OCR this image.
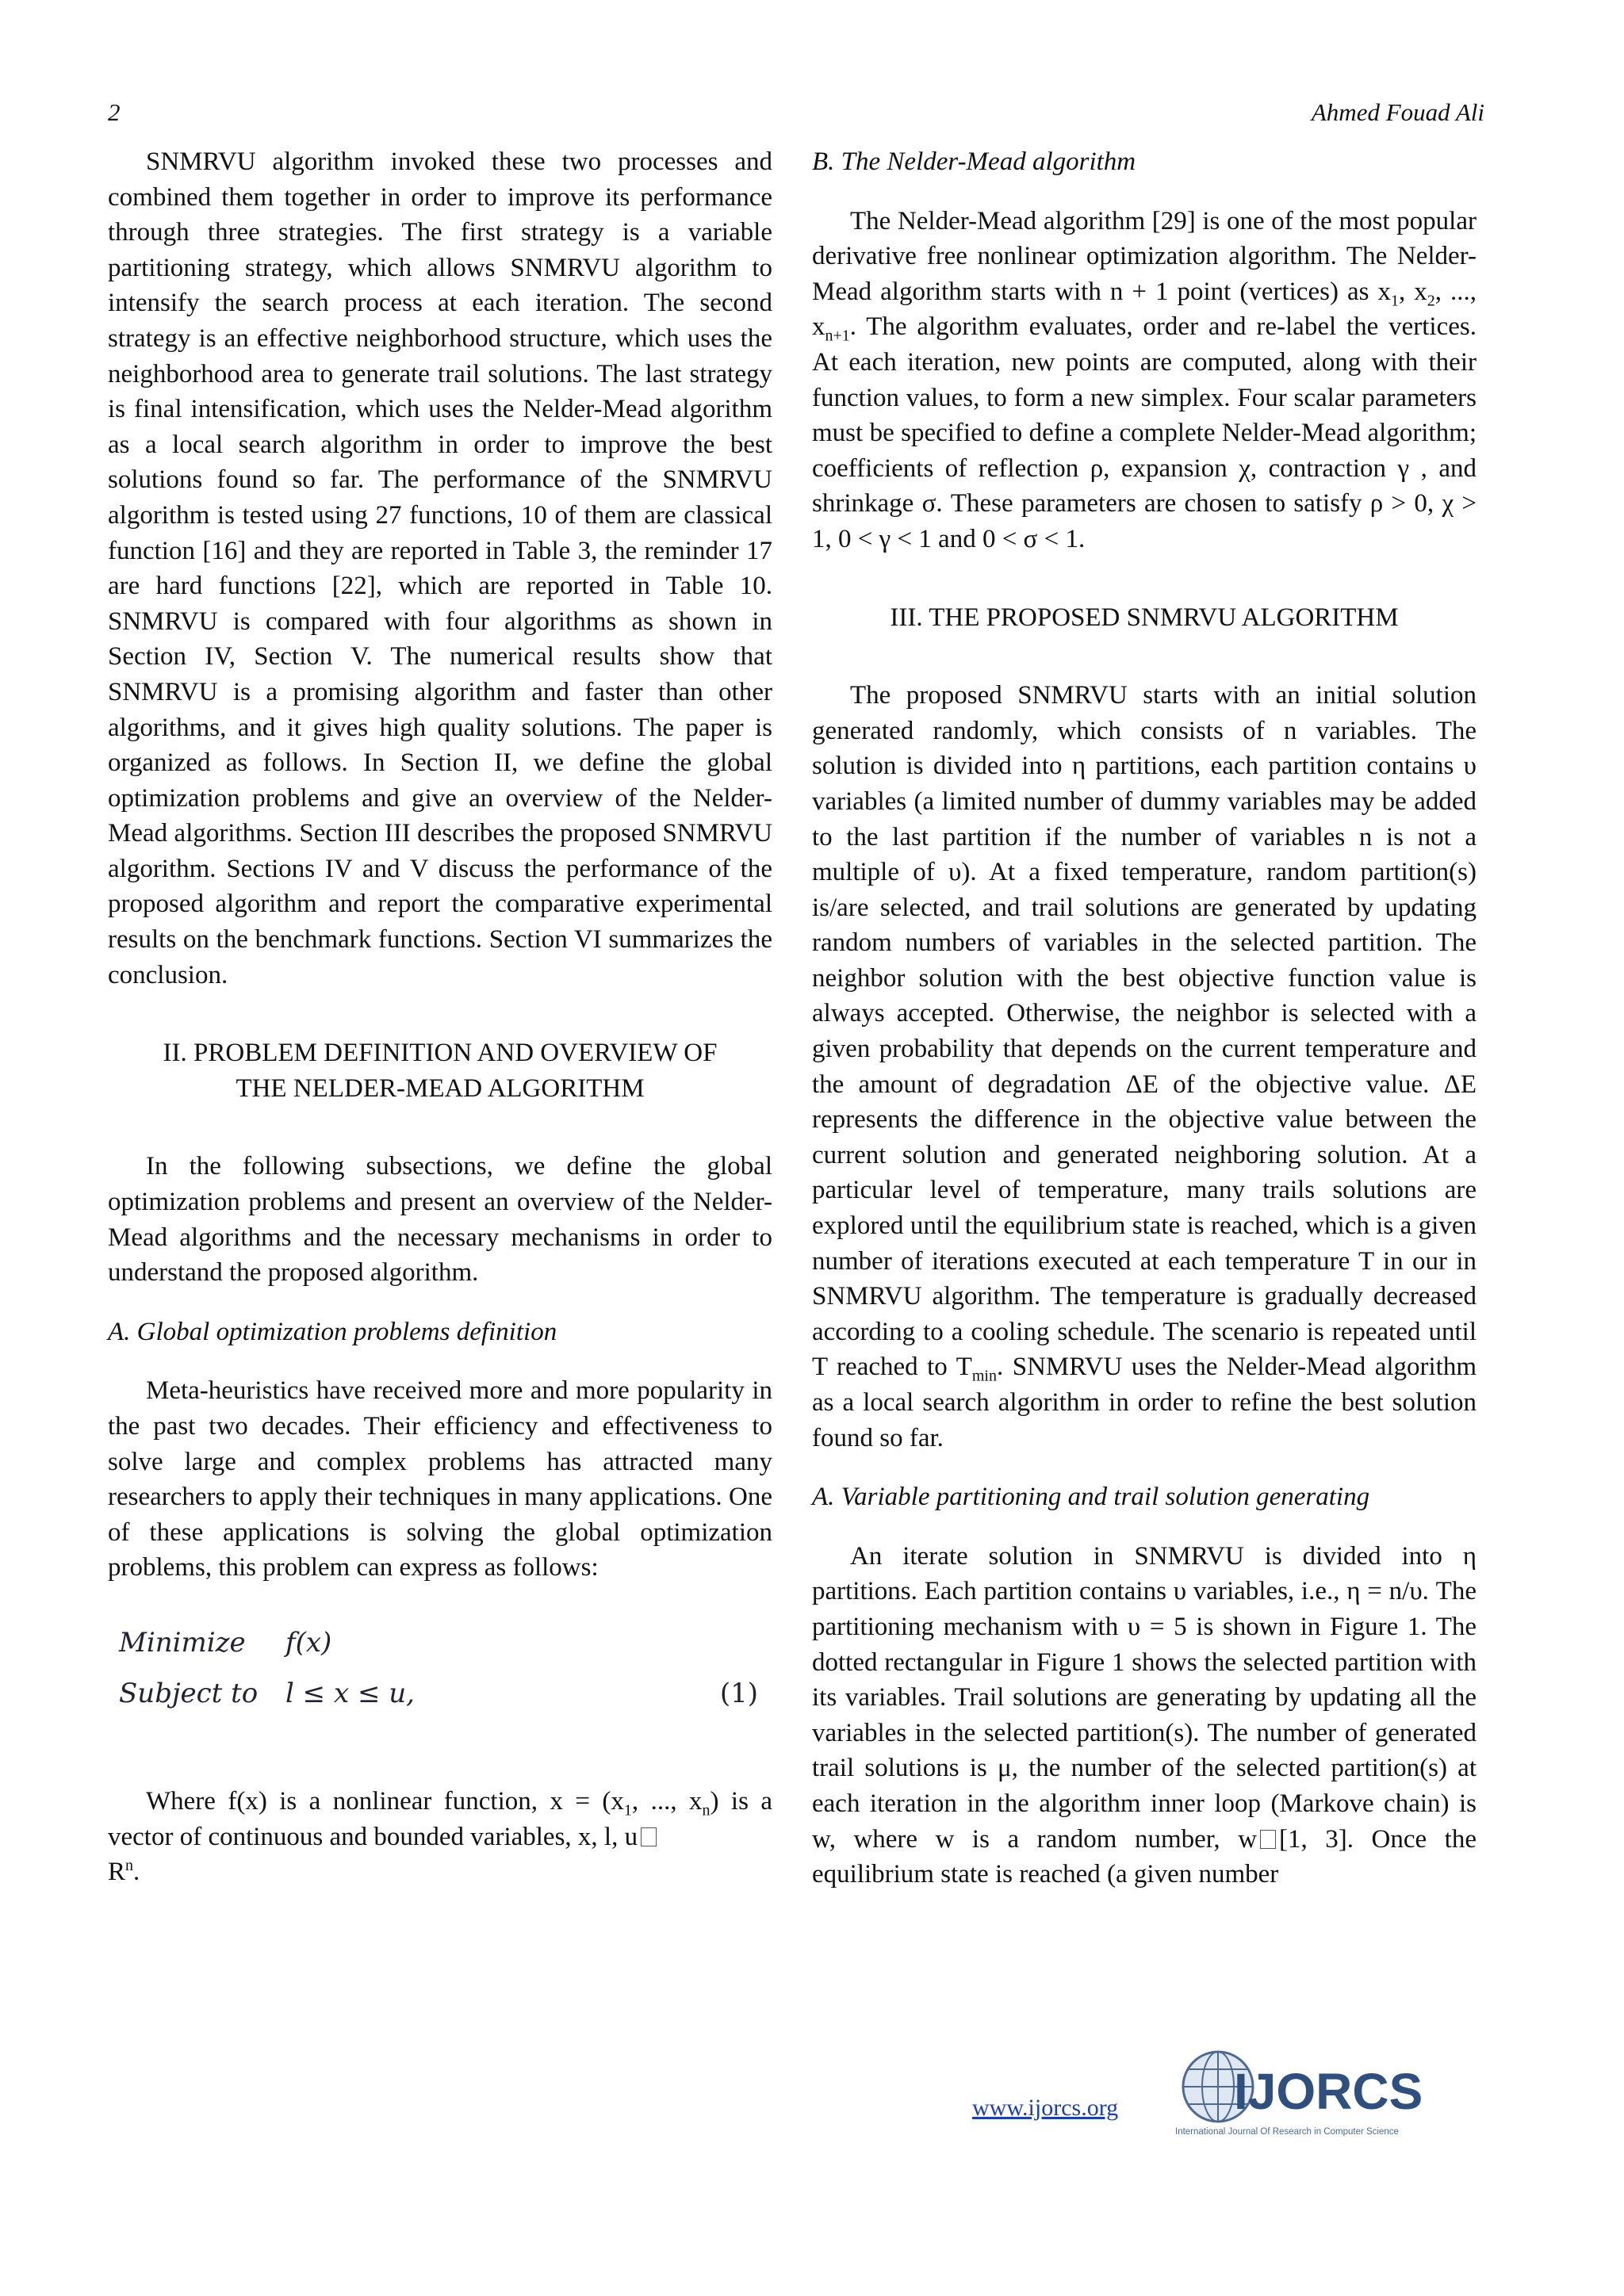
2	Ahmed Fouad Ali

SNMRVU algorithm invoked these two processes and combined them together in order to improve its performance through three strategies. The first strategy is a variable partitioning strategy, which allows SNMRVU algorithm to intensify the search process at each iteration. The second strategy is an effective neighborhood structure, which uses the neighborhood area to generate trail solutions. The last strategy is final intensification, which uses the Nelder-Mead algorithm as a local search algorithm in order to improve the best solutions found so far. The performance of the SNMRVU algorithm is tested using 27 functions, 10 of them are classical function [16] and they are reported in Table 3, the reminder 17 are hard functions [22], which are reported in Table 10. SNMRVU is compared with four algorithms as shown in Section IV, Section V. The numerical results show that SNMRVU is a promising algorithm and faster than other algorithms, and it gives high quality solutions. The paper is organized as follows. In Section II, we define the global optimization problems and give an overview of the Nelder-Mead algorithms. Section III describes the proposed SNMRVU algorithm. Sections IV and V discuss the performance of the proposed algorithm and report the comparative experimental results on the benchmark functions. Section VI summarizes the conclusion.

II. PROBLEM DEFINITION AND OVERVIEW OF
THE NELDER-MEAD ALGORITHM

In the following subsections, we define the global optimization problems and present an overview of the Nelder-Mead algorithms and the necessary mechanisms in order to understand the proposed algorithm.

A. Global optimization problems definition

Meta-heuristics have received more and more popularity in the past two decades. Their efficiency and effectiveness to solve large and complex problems has attracted many researchers to apply their techniques in many applications. One of these applications is solving the global optimization problems, this problem can express as follows:

Minimize f(x)
Subject to l ≤ x ≤ u,	(1)

Where f(x) is a nonlinear function, $x = (x_1$, ..., $x_n$) is a vector of continuous and bounded variables, x, l, u
$R^n$.

B. The Nelder-Mead algorithm

The Nelder-Mead algorithm [29] is one of the most popular derivative free nonlinear optimization algorithm. The Nelder-Mead algorithm starts with n + 1 point (vertices) as $x_1$, $x_2$, ..., $x_{n+1}$. The algorithm evaluates, order and re-label the vertices. At each iteration, new points are computed, along with their function values, to form a new simplex. Four scalar parameters must be specified to define a complete Nelder-Mead algorithm; coefficients of reflection ρ, expansion χ, contraction γ , and shrinkage σ. These parameters are chosen to satisfy ρ > 0, χ > 1, 0 < γ < 1 and 0 < σ < 1.

III. THE PROPOSED SNMRVU ALGORITHM

The proposed SNMRVU starts with an initial solution generated randomly, which consists of n variables. The solution is divided into η partitions, each partition contains υ variables (a limited number of dummy variables may be added to the last partition if the number of variables n is not a multiple of υ). At a fixed temperature, random partition(s) is/are selected, and trail solutions are generated by updating random numbers of variables in the selected partition. The neighbor solution with the best objective function value is always accepted. Otherwise, the neighbor is selected with a given probability that depends on the current temperature and the amount of degradation ΔE of the objective value. ΔE represents the difference in the objective value between the current solution and generated neighboring solution. At a particular level of temperature, many trails solutions are explored until the equilibrium state is reached, which is a given number of iterations executed at each temperature T in our in SNMRVU algorithm. The temperature is gradually decreased according to a cooling schedule. The scenario is repeated until T reached to $T_{min}$. SNMRVU uses the Nelder-Mead algorithm as a local search algorithm in order to refine the best solution found so far.

A. Variable partitioning and trail solution generating

An iterate solution in SNMRVU is divided into η partitions. Each partition contains υ variables, i.e., η = n/υ. The partitioning mechanism with υ = 5 is shown in Figure 1. The dotted rectangular in Figure 1 shows the selected partition with its variables. Trail solutions are generating by updating all the variables in the selected partition(s). The number of generated trail solutions is μ, the number of the selected partition(s) at each iteration in the algorithm inner loop (Markove chain) is w, where w is a random number, w [1, 3]. Once the equilibrium state is reached (a given number

www.ijorcs.org IJORCS
International Journal Of Research in Computer Science
